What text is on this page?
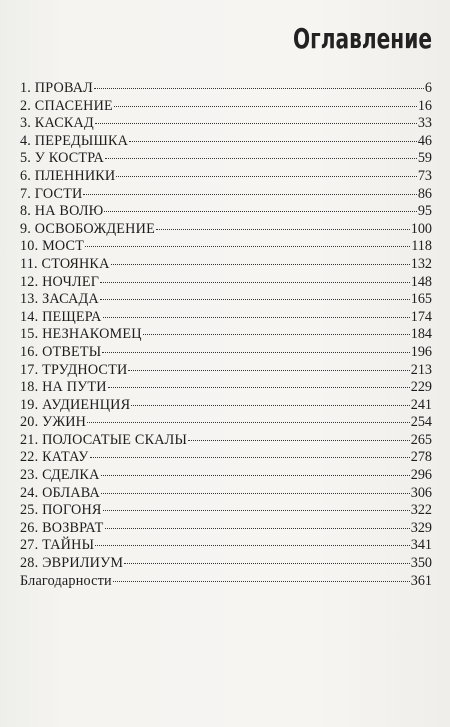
Оглавление
1. ПРОВАЛ	6
2. СПАСЕНИЕ	16
3. КАСКАД	33
4. ПЕРЕДЫШКА	46
5. У КОСТРА	59
6. ПЛЕННИКИ	73
7. ГОСТИ	86
8. НА ВОЛЮ	95
9. ОСВОБОЖДЕНИЕ	100
10. МОСТ	118
11. СТОЯНКА	132
12. НОЧЛЕГ	148
13. ЗАСАДА	165
14. ПЕЩЕРА	174
15. НЕЗНАКОМЕЦ	184
16. ОТВЕТЫ	196
17. ТРУДНОСТИ	213
18. НА ПУТИ	229
19. АУДИЕНЦИЯ	241
20. УЖИН	254
21. ПОЛОСАТЫЕ СКАЛЫ	265
22. КАТАУ	278
23. СДЕЛКА	296
24. ОБЛАВА	306
25. ПОГОНЯ	322
26. ВОЗВРАТ	329
27. ТАЙНЫ	341
28. ЭВРИЛИУМ	350
Благодарности	361
